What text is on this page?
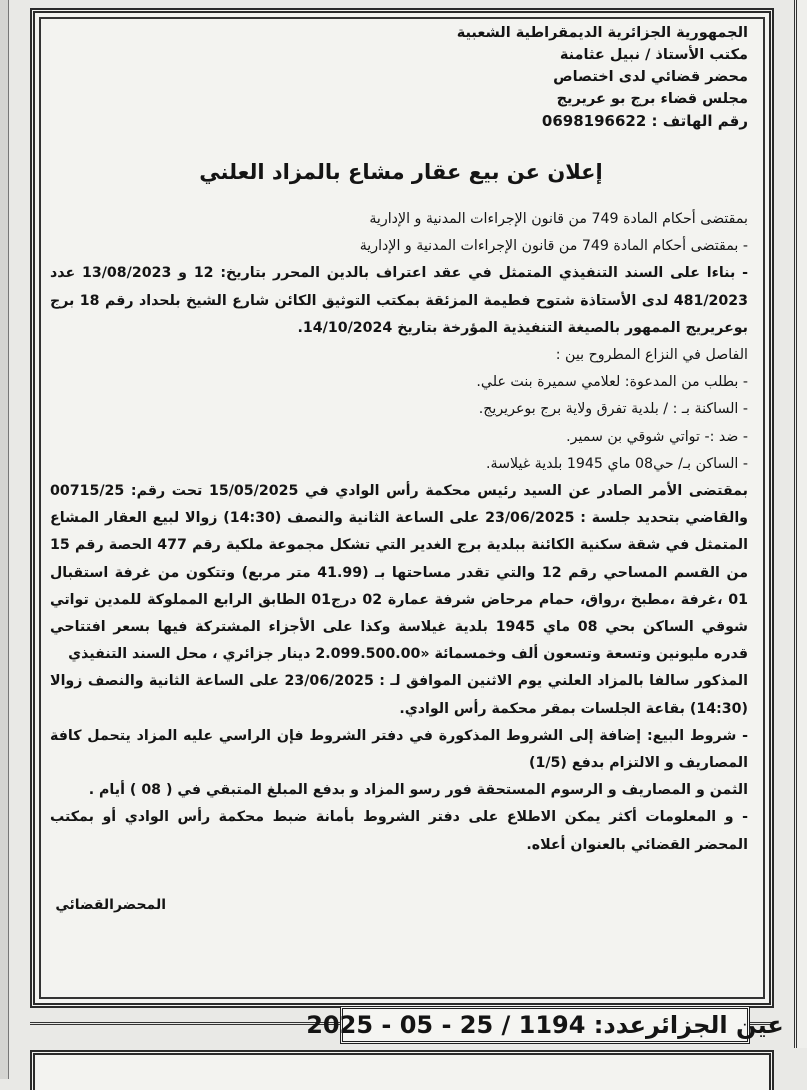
الجمهورية الجزائرية الديمقراطية الشعبية
مكتب الأستاذ / نبيل عثامنة
محضر قضائي لدى اختصاص
مجلس قضاء برج بو عريريج
رقم الهاتف : 0698196622
إعلان عن بيع عقار مشاع بالمزاد العلني

بمقتضى أحكام المادة 749 من قانون الإجراءات المدنية و الإدارية

- بمقتضى أحكام المادة 749 من قانون الإجراءات المدنية و الإدارية

- بناءا على السند التنفيذي المتمثل في عقد اعتراف بالدين المحرر بتاريخ: 12 و 13/08/2023 عدد 481/2023 لدى الأستاذة شتوح فطيمة المزئقة بمكتب التوثيق الكائن شارع الشيخ بلحداد رقم 18 برج بوعريريج الممهور بالصيغة التنفيذية المؤرخة بتاريخ 14/10/2024.

الفاصل في النزاع المطروح بين :

- بطلب من المدعوة: لعلامي سميرة بنت علي.

- الساكنة بـ : / بلدية تفرق ولاية برج بوعريريج.

- ضد :- تواتي شوقي بن سمير.

- الساكن بـ/ حي08 ماي 1945 بلدية غيلاسة.

بمقتضى الأمر الصادر عن السيد رئيس محكمة رأس الوادي في 15/05/2025 تحت رقم: 00715/25 والقاضي بتحديد جلسة : 23/06/2025 على الساعة الثانية والنصف (14:30) زوالا لبيع العقار المشاع المتمثل في شقة سكنية الكائنة ببلدية برج الغدير التي تشكل مجموعة ملكية رقم 477 الحصة رقم 15 من القسم المساحي رقم 12 والتي تقدر مساحتها بـ (41.99 متر مربع) وتتكون من غرفة استقبال 01 ،غرفة ،مطبخ ،رواق، حمام مرحاض شرفة عمارة 02 درج01 الطابق الرابع المملوكة للمدين تواتي شوقي الساكن بحي 08 ماي 1945 بلدية غيلاسة وكذا على الأجزاء المشتركة فيها بسعر افتتاحي قدره مليونين وتسعة وتسعون ألف وخمسمائة «2.099.500.00 دينار جزائري ، محل السند التنفيذي

المذكور سالفا بالمزاد العلني يوم الاثنين الموافق لـ : 23/06/2025 على الساعة الثانية والنصف زوالا (14:30) بقاعة الجلسات بمقر محكمة رأس الوادي.

- شروط البيع: إضافة إلى الشروط المذكورة في دفتر الشروط فإن الراسي عليه المزاد يتحمل كافة المصاريف و الالتزام بدفع (1/5)

الثمن و المصاريف و الرسوم المستحقة فور رسو المزاد و بدفع المبلغ المتبقي في ( 08 ) أيام .

- و المعلومات أكثر يمكن الاطلاع على دفتر الشروط بأمانة ضبط محكمة رأس الوادي أو بمكتب المحضر القضائي بالعنوان أعلاه.

المحضرالقضائي
عين الجزائرعدد: 1194 / 25 - 05 - 2025
